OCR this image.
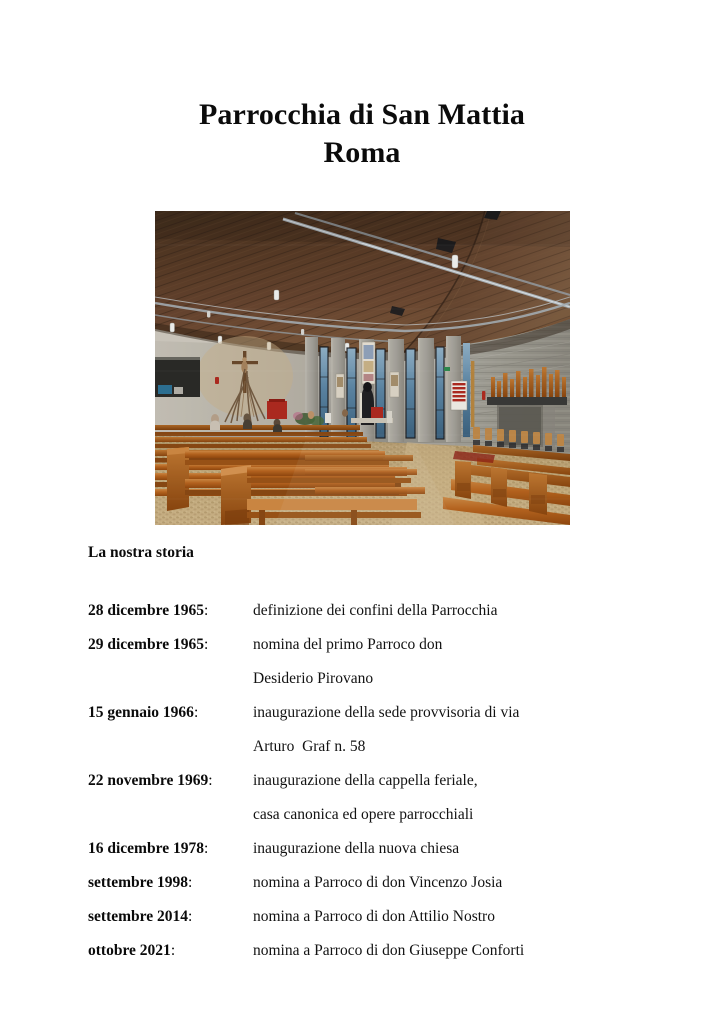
Parrocchia di San Mattia
Roma
La nostra storia
28 dicembre 1965:	definizione dei confini della Parrocchia
29 dicembre 1965:	nomina del primo Parroco don
Desiderio Pirovano
15 gennaio 1966:	inaugurazione della sede provvisoria di via
Arturo  Graf n. 58
22 novembre 1969:	inaugurazione della cappella feriale,
casa canonica ed opere parrocchiali
16 dicembre 1978:	inaugurazione della nuova chiesa
settembre 1998:	nomina a Parroco di don Vincenzo Josia
settembre 2014:	nomina a Parroco di don Attilio Nostro
ottobre 2021:	nomina a Parroco di don Giuseppe Conforti
